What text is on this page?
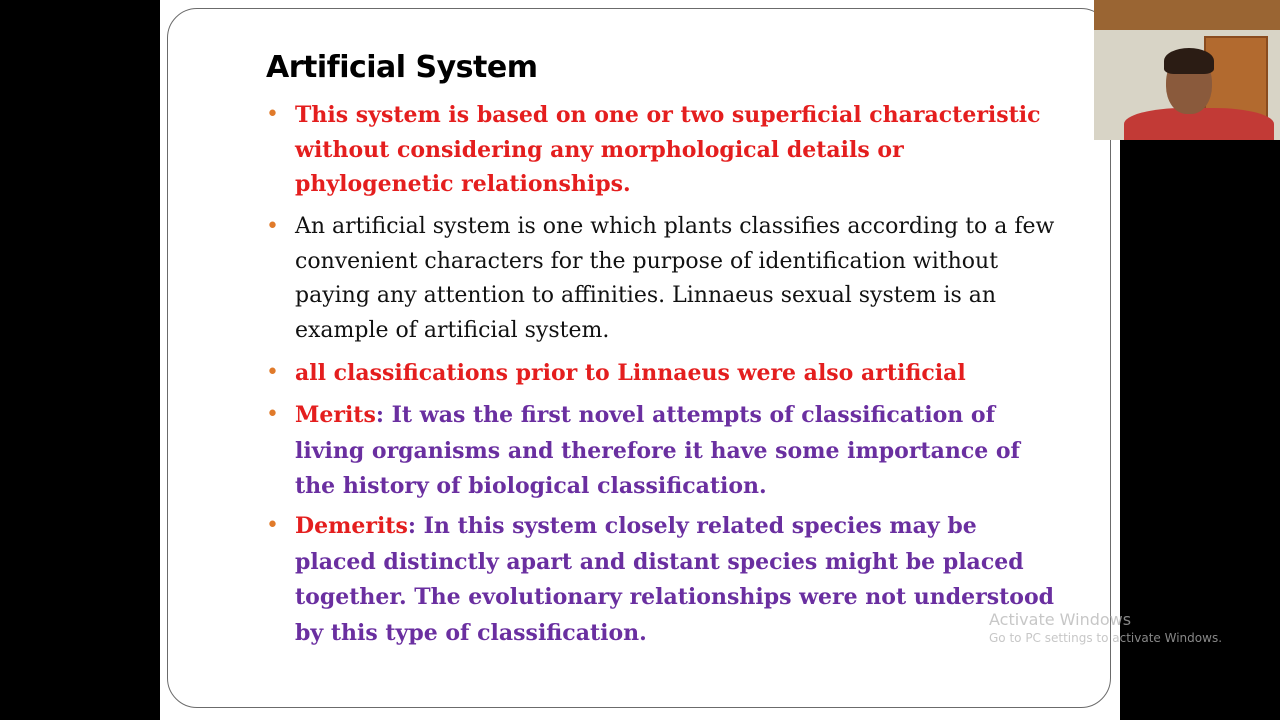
Artificial System
• This system is based on one or two superficial characteristic without considering any morphological details or phylogenetic relationships.
• An artificial system is one which plants classifies according to a few convenient characters for the purpose of identification without paying any attention to affinities. Linnaeus sexual system is an example of artificial system.
• all classifications prior to Linnaeus were also artificial
• Merits: It was the first novel attempts of classification of living organisms and therefore it have some importance of the history of biological classification.
• Demerits: In this system closely related species may be placed distinctly apart and distant species might be placed together. The evolutionary relationships were not understood by this type of classification.	Activate Windows
Go to PC settings to activate Windows.
